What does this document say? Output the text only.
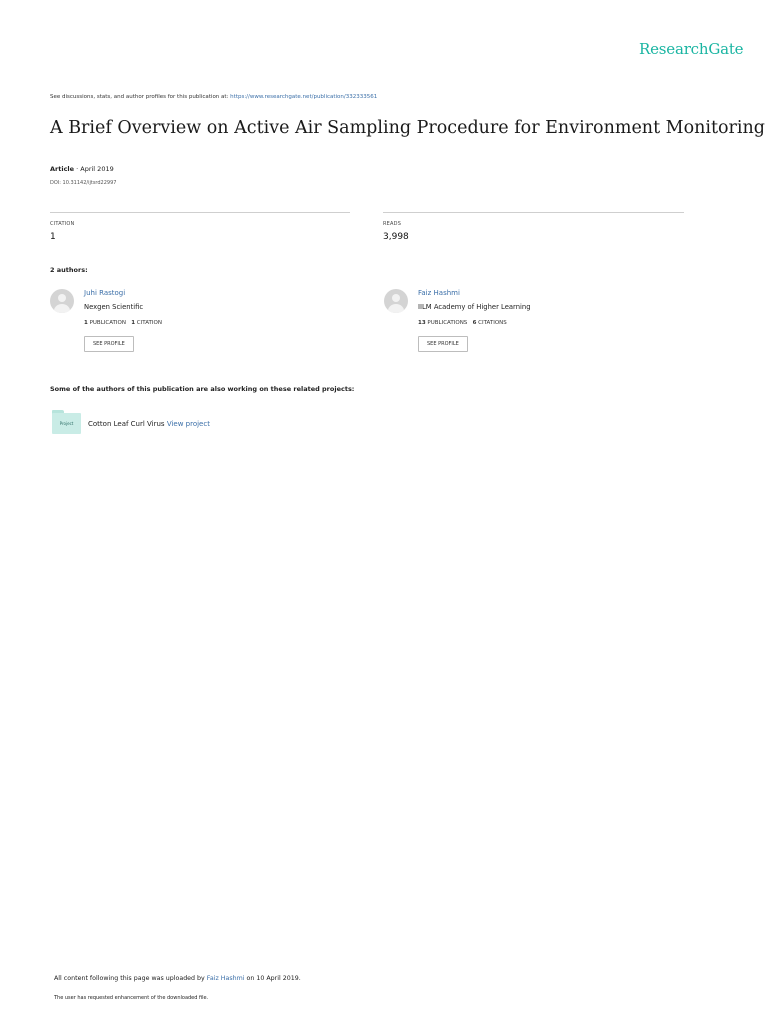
ResearchGate
See discussions, stats, and author profiles for this publication at: https://www.researchgate.net/publication/332333561
A Brief Overview on Active Air Sampling Procedure for Environment Monitoring
Article · April 2019
DOI: 10.31142/ijtsrd22997
CITATION
1
READS
3,998
2 authors:
Juhi Rastogi
Nexgen Scientific
1 PUBLICATION 1 CITATION
SEE PROFILE
Faiz Hashmi
IILM Academy of Higher Learning
13 PUBLICATIONS 6 CITATIONS
SEE PROFILE
Some of the authors of this publication are also working on these related projects:
Project	Cotton Leaf Curl Virus View project
All content following this page was uploaded by Faiz Hashmi on 10 April 2019.
The user has requested enhancement of the downloaded file.
